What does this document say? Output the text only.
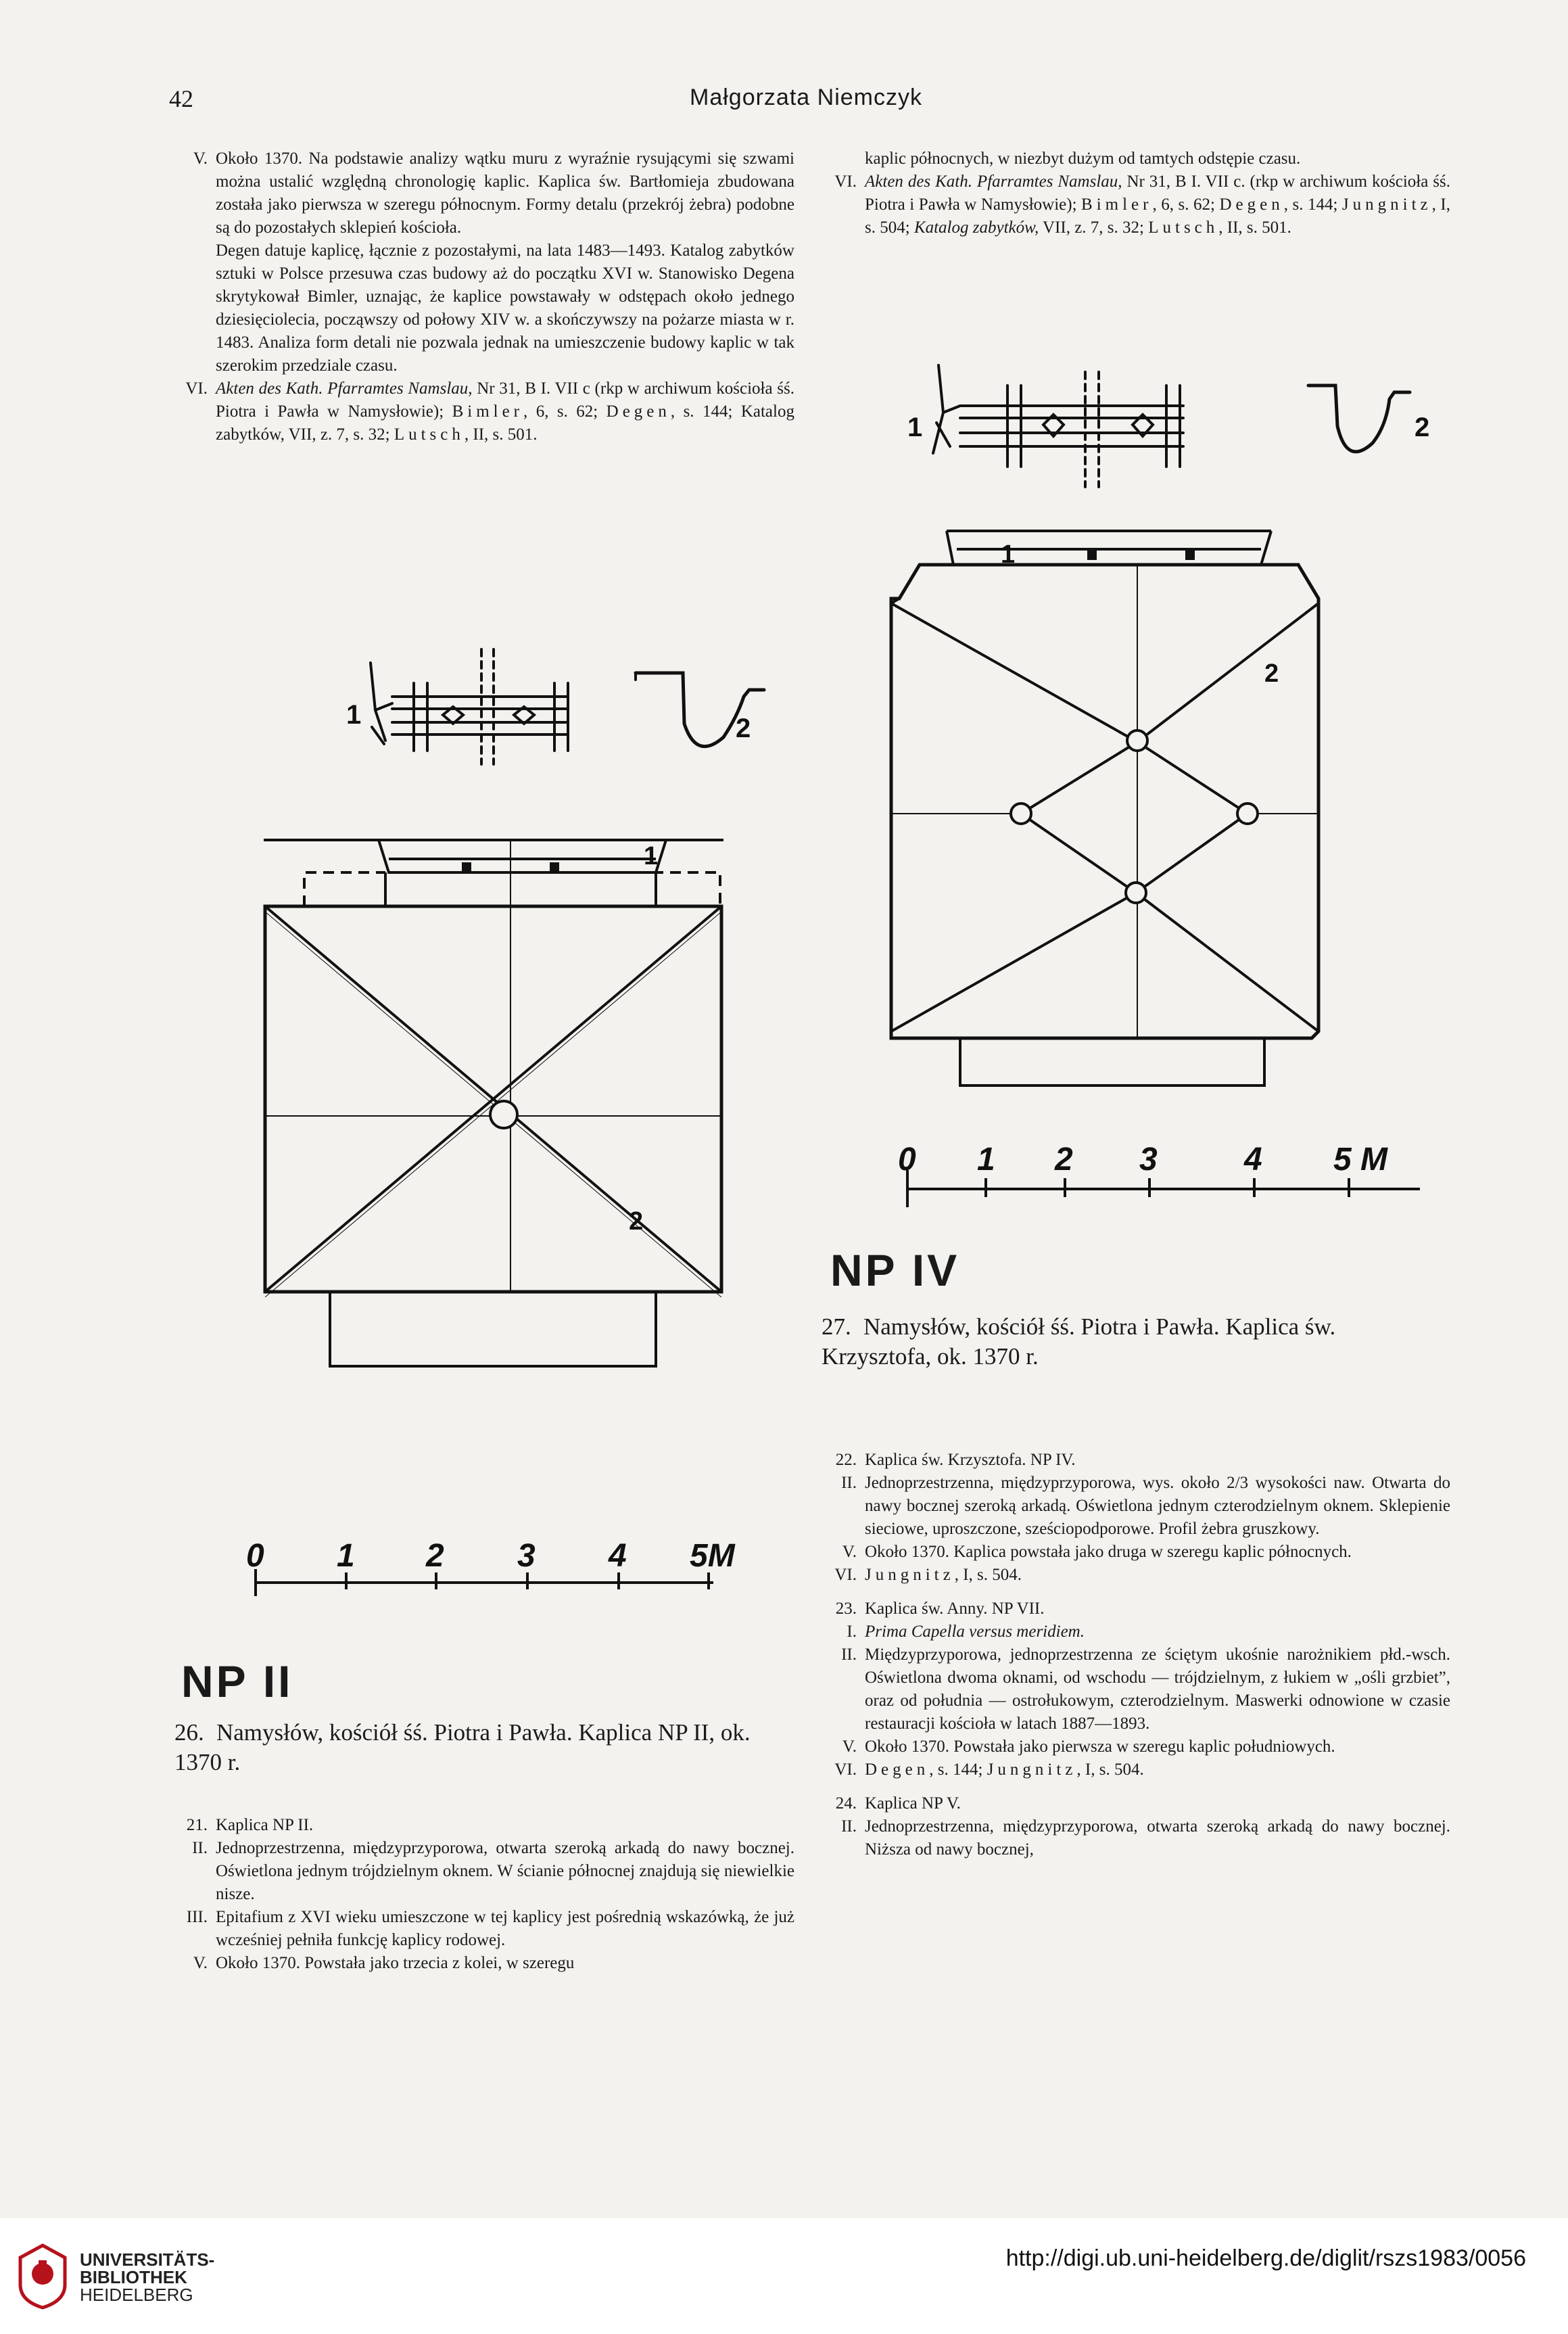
42	Małgorzata Niemczyk
V. Około 1370. Na podstawie analizy wątku muru z wyraźnie rysującymi się szwami można ustalić względną chronologię kaplic. Kaplica św. Bartłomieja zbudowana została jako pierwsza w szeregu północnym. Formy detalu (przekrój żebra) podobne są do pozostałych sklepień kościoła.
Degen datuje kaplicę, łącznie z pozostałymi, na lata 1483—1493. Katalog zabytków sztuki w Polsce przesuwa czas budowy aż do początku XVI w. Stanowisko Degena skrytykował Bimler, uznając, że kaplice powstawały w odstępach około jednego dziesięciolecia, począwszy od połowy XIV w. a skończywszy na pożarze miasta w r. 1483. Analiza form detali nie pozwala jednak na umieszczenie budowy kaplic w tak szerokim przedziale czasu.
VI. Akten des Kath. Pfarramtes Namslau, Nr 31, B I. VII c (rkp w archiwum kościoła śś. Piotra i Pawła w Namysłowie); Bimler, 6, s. 62; Degen, s. 144; Katalog zabytków, VII, z. 7, s. 32; Lutsch, II, s. 501.
1	2
1
2
0 1 2 3 4 5M
NP II
26. Namysłów, kościół śś. Piotra i Pawła. Kaplica NP II, ok. 1370 r.
21. Kaplica NP II.
II. Jednoprzestrzenna, międzyprzyporowa, otwarta szeroką arkadą do nawy bocznej. Oświetlona jednym trójdzielnym oknem. W ścianie północnej znajdują się niewielkie nisze.
III. Epitafium z XVI wieku umieszczone w tej kaplicy jest pośrednią wskazówką, że już wcześniej pełniła funkcję kaplicy rodowej.
V. Około 1370. Powstała jako trzecia z kolei, w szeregu
kaplic północnych, w niezbyt dużym od tamtych odstępie czasu.
VI. Akten des Kath. Pfarramtes Namslau, Nr 31, B I. VII c. (rkp w archiwum kościoła śś. Piotra i Pawła w Namysłowie); Bimler, 6, s. 62; Degen, s. 144; Jungnitz, I, s. 504; Katalog zabytków, VII, z. 7, s. 32; Lutsch, II, s. 501.
1	2
1
2
0 1 2 3	4 5 M
NP IV
27. Namysłów, kościół śś. Piotra i Pawła. Kaplica św. Krzysztofa, ok. 1370 r.
22. Kaplica św. Krzysztofa. NP IV.
II. Jednoprzestrzenna, międzyprzyporowa, wys. około 2/3 wysokości naw. Otwarta do nawy bocznej szeroką arkadą. Oświetlona jednym czterodzielnym oknem. Sklepienie sieciowe, uproszczone, sześciopodporowe. Profil żebra gruszkowy.
V. Około 1370. Kaplica powstała jako druga w szeregu kaplic północnych.
VI. Jungnitz, I, s. 504.
23. Kaplica św. Anny. NP VII.
I. Prima Capella versus meridiem.
II. Międzyprzyporowa, jednoprzestrzenna ze ściętym ukośnie narożnikiem płd.-wsch. Oświetlona dwoma oknami, od wschodu — trójdzielnym, z łukiem w „ośli grzbiet”, oraz od południa — ostrołukowym, czterodzielnym. Maswerki odnowione w czasie restauracji kościoła w latach 1887—1893.
V. Około 1370. Powstała jako pierwsza w szeregu kaplic południowych.
VI. Degen, s. 144; Jungnitz, I, s. 504.
24. Kaplica NP V.
II. Jednoprzestrzenna, międzyprzyporowa, otwarta szeroką arkadą do nawy bocznej. Niższa od nawy bocznej,
UNIVERSITÄTS-
BIBLIOTHEK
HEIDELBERG
http://digi.ub.uni-heidelberg.de/diglit/rszs1983/0056
